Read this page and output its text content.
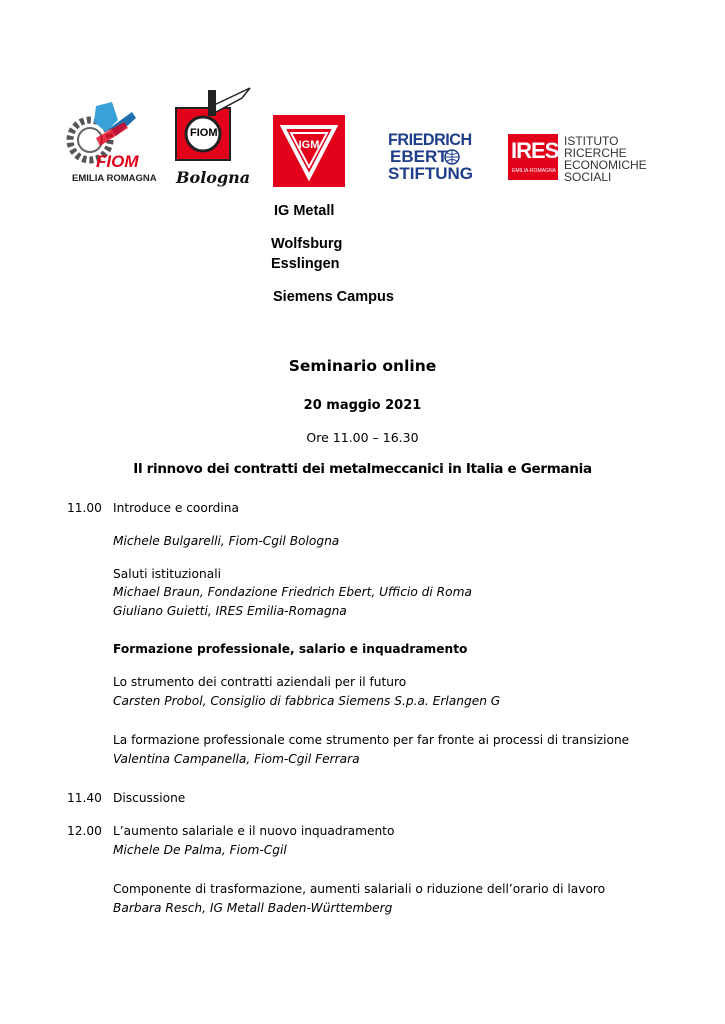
FIOM
EMILIA ROMAGNA
FIOM
Bologna
IGM	FRIEDRICH
EBERT
STIFTUNG
IRES
EMILIA-ROMAGNA
ISTITUTO
RICERCHE
ECONOMICHE
SOCIALI
IG Metall
Wolfsburg
Esslingen
Siemens Campus
Seminario online
20 maggio 2021
Ore 11.00 – 16.30
Il rinnovo dei contratti dei metalmeccanici in Italia e Germania
11.00 Introduce e coordina
Michele Bulgarelli, Fiom-Cgil Bologna
Saluti istituzionali
Michael Braun, Fondazione Friedrich Ebert, Ufficio di Roma
Giuliano Guietti, IRES Emilia-Romagna
Formazione professionale, salario e inquadramento
Lo strumento dei contratti aziendali per il futuro
Carsten Probol, Consiglio di fabbrica Siemens S.p.a. Erlangen G
La formazione professionale come strumento per far fronte ai processi di transizione
Valentina Campanella, Fiom-Cgil Ferrara
11.40 Discussione
12.00 L’aumento salariale e il nuovo inquadramento
Michele De Palma, Fiom-Cgil
Componente di trasformazione, aumenti salariali o riduzione dell’orario di lavoro
Barbara Resch, IG Metall Baden-Württemberg
